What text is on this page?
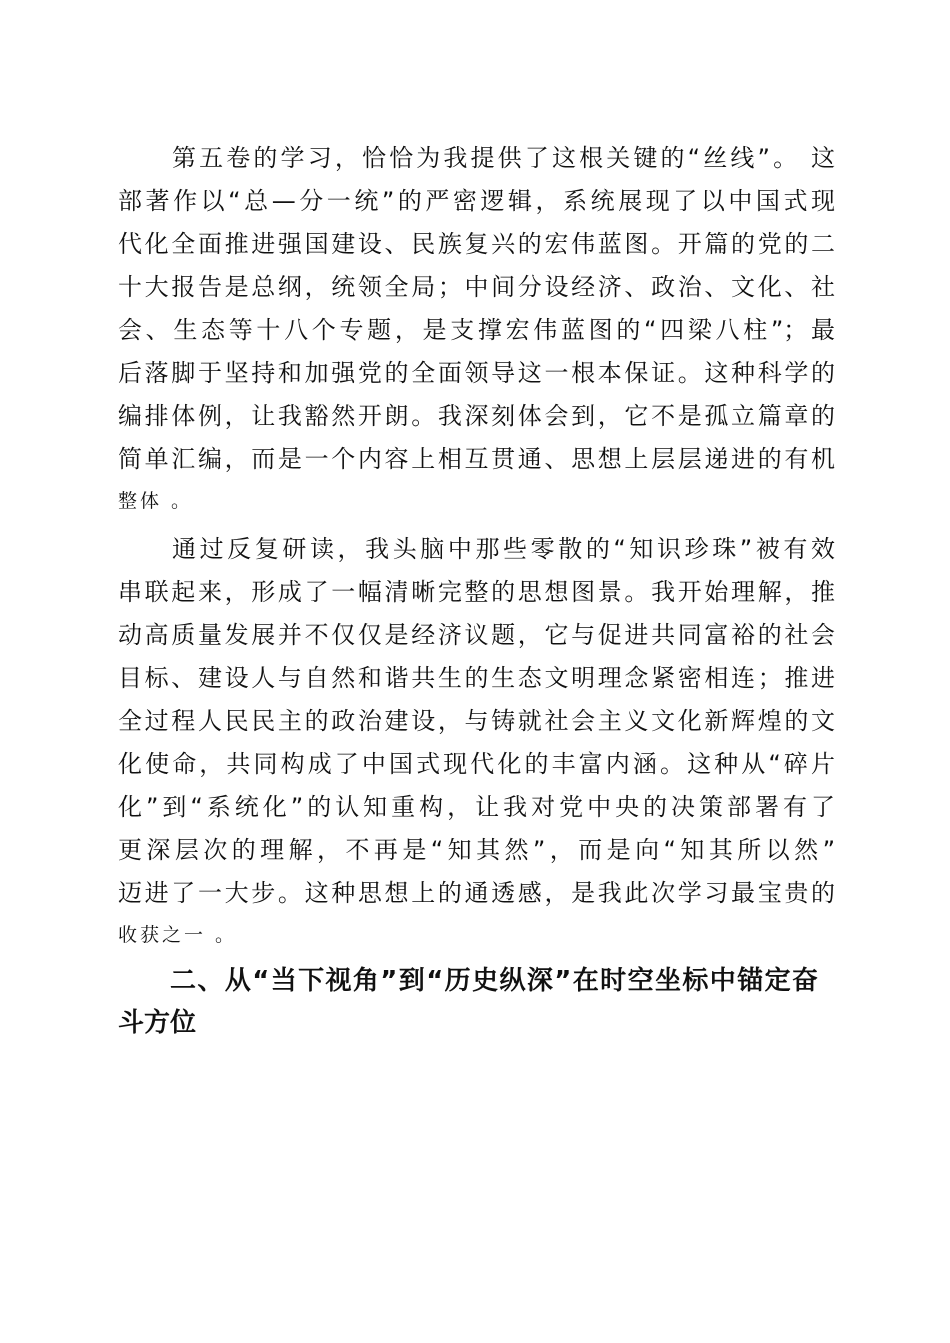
第五卷的学习，恰恰为我提供了这根关键的“丝线”。 这
部著作以“总—分一统”的严密逻辑，系统展现了以中国式现
代化全面推进强国建设、民族复兴的宏伟蓝图。开篇的党的二
十大报告是总纲，统领全局；中间分设经济、政治、文化、社
会、生态等十八个专题，是支撑宏伟蓝图的“四梁八柱”；最
后落脚于坚持和加强党的全面领导这一根本保证。这种科学的
编排体例，让我豁然开朗。我深刻体会到，它不是孤立篇章的
简单汇编，而是一个内容上相互贯通、思想上层层递进的有机
整体 。
通过反复研读，我头脑中那些零散的“知识珍珠”被有效
串联起来，形成了一幅清晰完整的思想图景。我开始理解，推
动高质量发展并不仅仅是经济议题，它与促进共同富裕的社会
目标、建设人与自然和谐共生的生态文明理念紧密相连；推进
全过程人民民主的政治建设，与铸就社会主义文化新辉煌的文
化使命，共同构成了中国式现代化的丰富内涵。这种从“碎片
化”到“系统化”的认知重构，让我对党中央的决策部署有了
更深层次的理解，不再是“知其然”，而是向“知其所以然”
迈进了一大步。这种思想上的通透感，是我此次学习最宝贵的
收获之一 。
二、从“当下视角”到“历史纵深”在时空坐标中锚定奋
斗方位
